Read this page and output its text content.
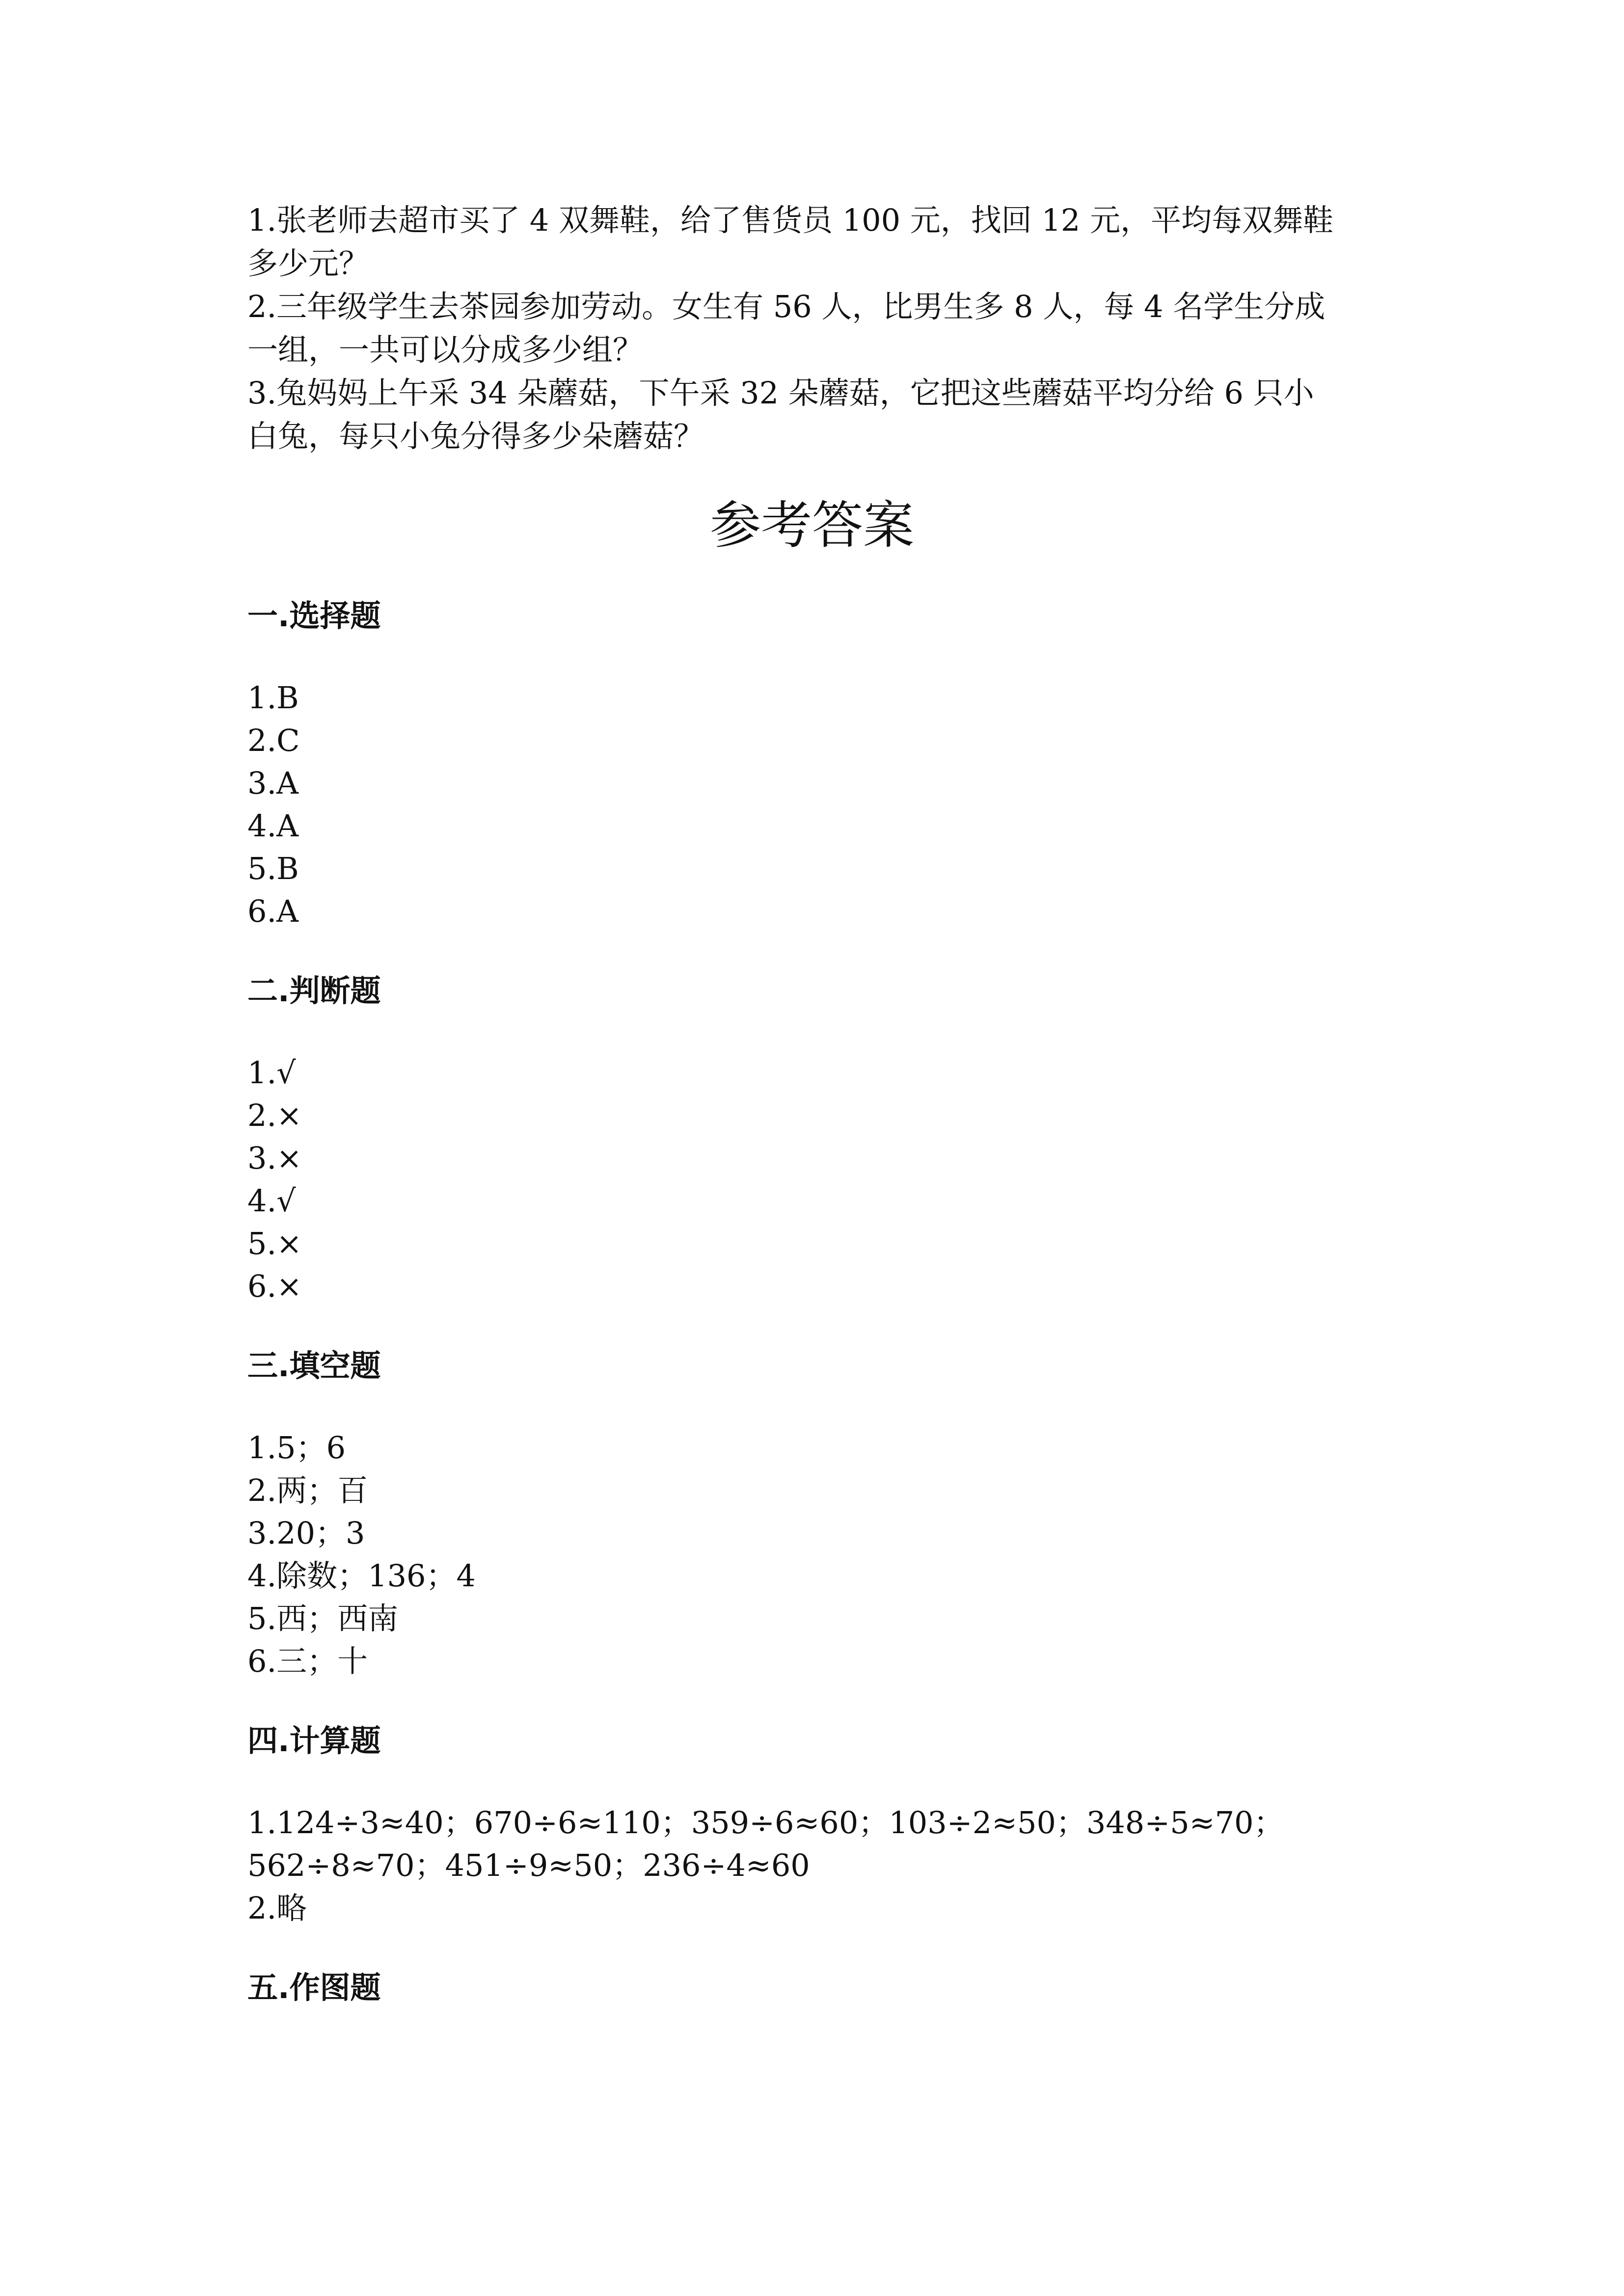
1.张老师去超市买了 4 双舞鞋，给了售货员 100 元，找回 12 元，平均每双舞鞋

多少元？

2.三年级学生去茶园参加劳动。女生有 56 人，比男生多 8 人，每 4 名学生分成

一组，一共可以分成多少组？

3.兔妈妈上午采 34 朵蘑菇，下午采 32 朵蘑菇，它把这些蘑菇平均分给 6 只小

白兔，每只小兔分得多少朵蘑菇？

参考答案
一.选择题
1.B
2.C
3.A
4.A
5.B
6.A
二.判断题
1.√
2.×
3.×
4.√
5.×
6.×
三.填空题
1.5；6
2.两；百
3.20；3
4.除数；136；4
5.西；西南
6.三；十
四.计算题
1.124÷3≈40；670÷6≈110；359÷6≈60；103÷2≈50；348÷5≈70；
562÷8≈70；451÷9≈50；236÷4≈60
2.略
五.作图题
